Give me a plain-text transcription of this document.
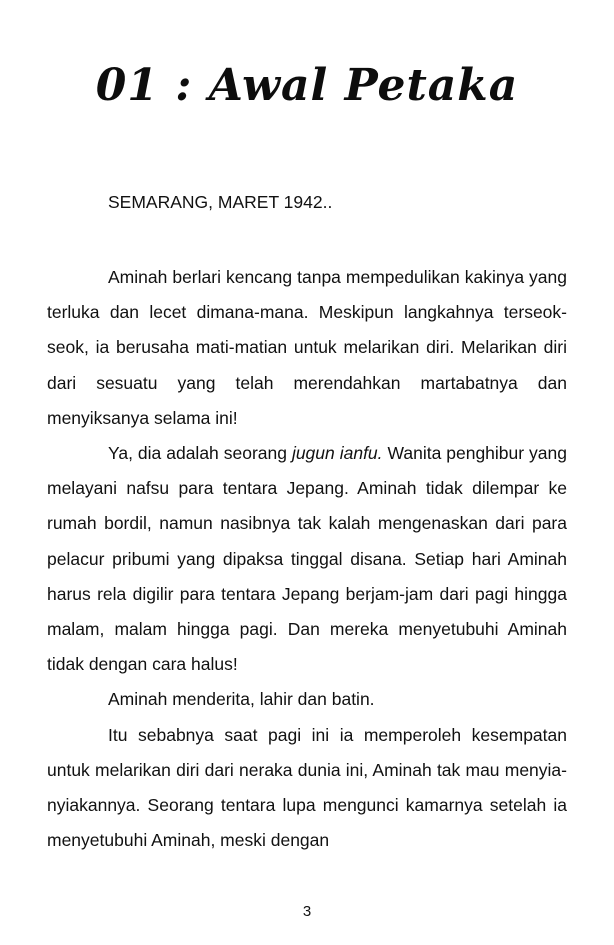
01 : Awal Petaka

SEMARANG, MARET 1942..

Aminah berlari kencang tanpa mempedulikan kakinya yang terluka dan lecet dimana-mana. Meskipun langkahnya terseok-seok, ia berusaha mati-matian untuk melarikan diri. Melarikan diri dari sesuatu yang telah merendahkan martabatnya dan menyiksanya selama ini!

Ya, dia adalah seorang jugun ianfu. Wanita penghibur yang melayani nafsu para tentara Jepang. Aminah tidak dilempar ke rumah bordil, namun nasibnya tak kalah mengenaskan dari para pelacur pribumi yang dipaksa tinggal disana. Setiap hari Aminah harus rela digilir para tentara Jepang berjam-jam dari pagi hingga malam, malam hingga pagi. Dan mereka menyetubuhi Aminah tidak dengan cara halus!

Aminah menderita, lahir dan batin.

Itu sebabnya saat pagi ini ia memperoleh kesempatan untuk melarikan diri dari neraka dunia ini, Aminah tak mau menyia-nyiakannya. Seorang tentara lupa mengunci kamarnya setelah ia menyetubuhi Aminah, meski dengan

3
